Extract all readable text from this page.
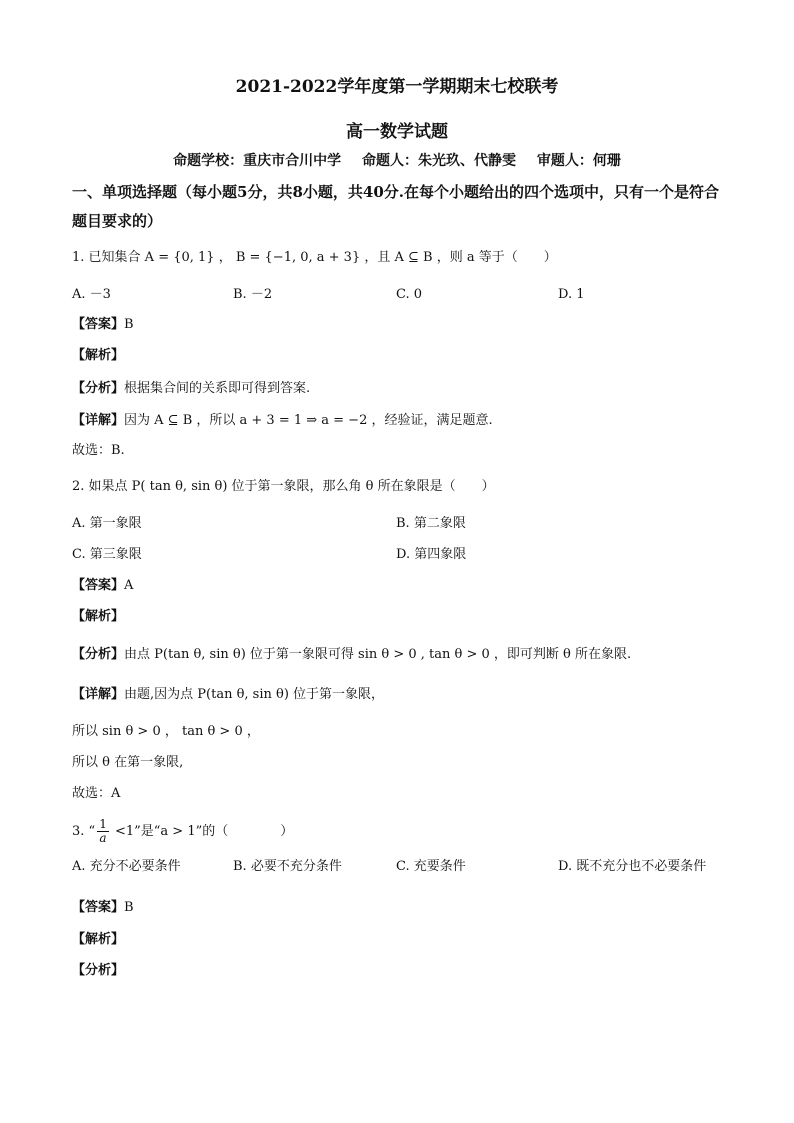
2021-2022学年度第一学期期末七校联考
高一数学试题
命题学校：重庆市合川中学 命题人：朱光玖、代静雯 审题人：何珊
一、单项选择题（每小题5分，共8小题，共40分.在每个小题给出的四个选项中，只有一个是符合题目要求的）
1. 已知集合 A = {0, 1} ， B = {−1, 0, a + 3} ，且 A ⊆ B ，则 a 等于（　　）
A. －3	B. －2	C. 0	D. 1
【答案】B
【解析】
【分析】根据集合间的关系即可得到答案.
【详解】因为 A ⊆ B ，所以 a + 3 = 1 ⇒ a = −2 ，经验证，满足题意.
故选：B.
2. 如果点 P( tan θ, sin θ) 位于第一象限，那么角 θ 所在象限是（　　）
A. 第一象限	B. 第二象限
C. 第三象限	D. 第四象限
【答案】A
【解析】
【分析】由点 P(tan θ, sin θ) 位于第一象限可得 sin θ > 0 , tan θ > 0 ，即可判断 θ 所在象限.
【详解】由题,因为点 P(tan θ, sin θ) 位于第一象限，
所以 sin θ > 0 ， tan θ > 0 ，
所以 θ 在第一象限,
故选：A
3. “ $\frac{1}{a} <1$”是“a > 1”的（　　　　）
A. 充分不必要条件	B. 必要不充分条件	C. 充要条件	D. 既不充分也不必要条件
【答案】B
【解析】
【分析】
